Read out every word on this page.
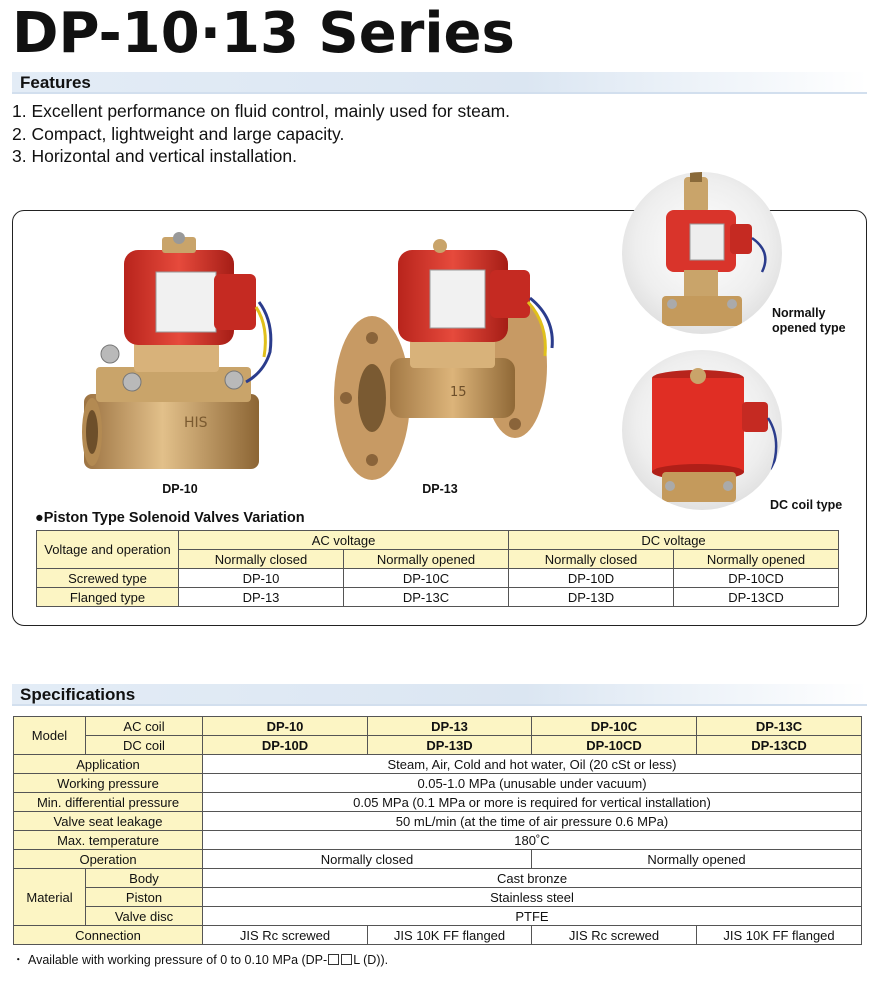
DP-10·13 Series
Features
1. Excellent performance on fluid control, mainly used for steam.
2. Compact, lightweight and large capacity.
3. Horizontal and vertical installation.
HIS
DP-10
15
DP-13
Normally
opened type
DC coil type
●Piston Type Solenoid Valves Variation
Voltage and operation	AC voltage		DC voltage	
	Normally closed	Normally opened	Normally closed	Normally opened
Screwed type	DP-10	DP-10C	DP-10D	DP-10CD
Flanged type	DP-13	DP-13C	DP-13D	DP-13CD
Specifications
Model	AC coil	DP-10	DP-13	DP-10C	DP-13C
	DC coil	DP-10D	DP-13D	DP-10CD	DP-13CD
Application		Steam, Air, Cold and hot water, Oil (20 cSt or less)			
Working pressure		0.05-1.0 MPa (unusable under vacuum)			
Min. differential pressure		0.05 MPa (0.1 MPa or more is required for vertical installation)			
Valve seat leakage		50 mL/min (at the time of air pressure 0.6 MPa)			
Max. temperature		180˚C			
Operation		Normally closed		Normally opened	
Material	Body	Cast bronze			
	Piston	Stainless steel			
	Valve disc	PTFE			
Connection		JIS Rc screwed	JIS 10K FF flanged	JIS Rc screwed	JIS 10K FF flanged
・ Available with working pressure of 0 to 0.10 MPa (DP- L (D)).
